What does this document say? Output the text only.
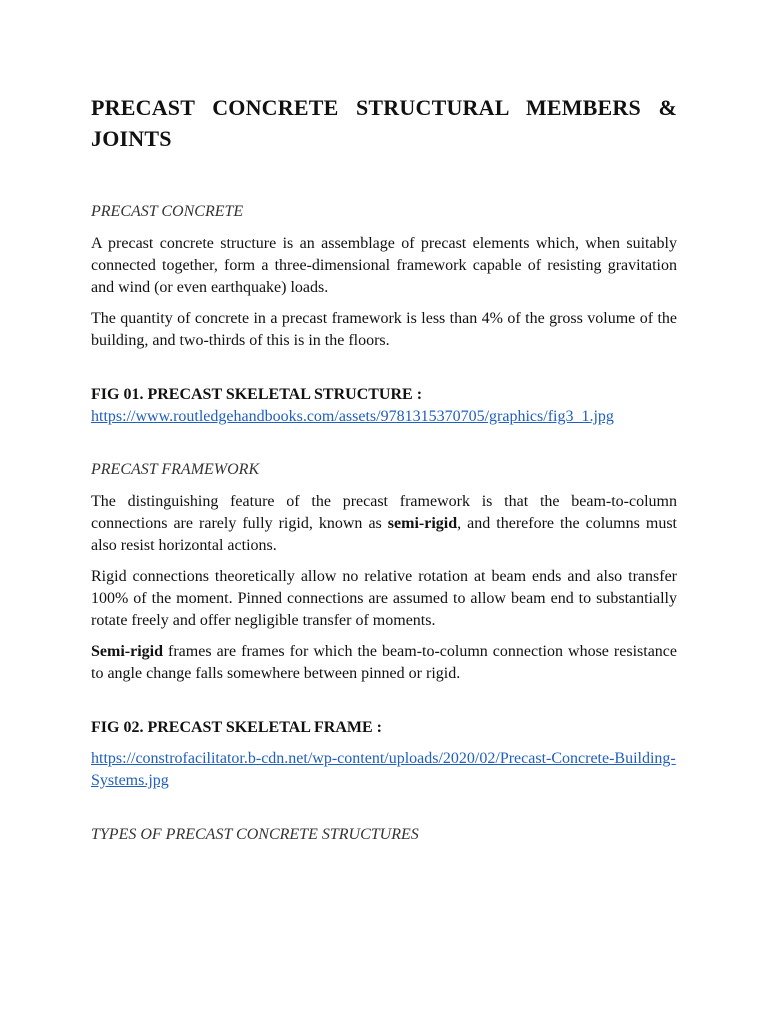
PRECAST CONCRETE STRUCTURAL MEMBERS & JOINTS
PRECAST CONCRETE

A precast concrete structure is an assemblage of precast elements which, when suitably connected together, form a three-dimensional framework capable of resisting gravitation and wind (or even earthquake) loads.

The quantity of concrete in a precast framework is less than 4% of the gross volume of the building, and two-thirds of this is in the floors.

FIG 01. PRECAST SKELETAL STRUCTURE :

https://www.routledgehandbooks.com/assets/9781315370705/graphics/fig3_1.jpg

PRECAST FRAMEWORK

The distinguishing feature of the precast framework is that the beam-to-column connections are rarely fully rigid, known as semi-rigid, and therefore the columns must also resist horizontal actions.

Rigid connections theoretically allow no relative rotation at beam ends and also transfer 100% of the moment. Pinned connections are assumed to allow beam end to substantially rotate freely and offer negligible transfer of moments.

Semi-rigid frames are frames for which the beam-to-column connection whose resistance to angle change falls somewhere between pinned or rigid.

FIG 02. PRECAST SKELETAL FRAME :

https://constrofacilitator.b-cdn.net/wp-content/uploads/2020/02/Precast-Concrete-Building-Systems.jpg

TYPES OF PRECAST CONCRETE STRUCTURES
